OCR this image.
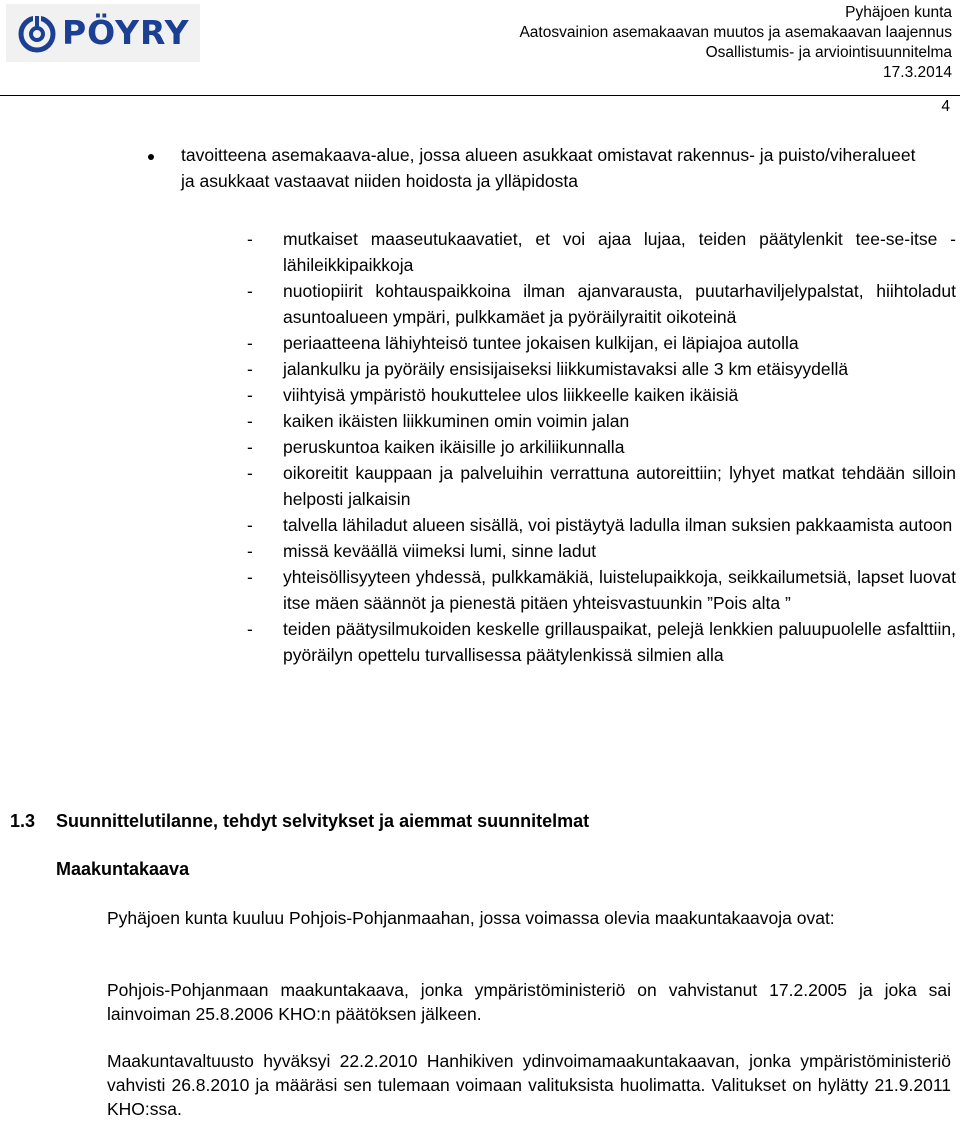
PÖYRY
Pyhäjoen kunta
Aatosvainion asemakaavan muutos ja asemakaavan laajennus
Osallistumis- ja arviointisuunnitelma
17.3.2014
4
tavoitteena asemakaava-alue, jossa alueen asukkaat omistavat rakennus- ja puisto/viheralueet ja asukkaat vastaavat niiden hoidosta ja ylläpidosta
- mutkaiset maaseutukaavatiet, et voi ajaa lujaa, teiden päätylenkit tee-se-itse -lähileikkipaikkoja
- nuotiopiirit kohtauspaikkoina ilman ajanvarausta, puutarhaviljelypalstat, hiihtoladut asuntoalueen ympäri, pulkkamäet ja pyöräilyraitit oikoteinä
- periaatteena lähiyhteisö tuntee jokaisen kulkijan, ei läpiajoa autolla
- jalankulku ja pyöräily ensisijaiseksi liikkumistavaksi alle 3 km etäisyydellä
- viihtyisä ympäristö houkuttelee ulos liikkeelle kaiken ikäisiä
- kaiken ikäisten liikkuminen omin voimin jalan
- peruskuntoa kaiken ikäisille jo arkiliikunnalla
- oikoreitit kauppaan ja palveluihin verrattuna autoreittiin; lyhyet matkat tehdään silloin helposti jalkaisin
- talvella lähiladut alueen sisällä, voi pistäytyä ladulla ilman suksien pakkaamista autoon
- missä keväällä viimeksi lumi, sinne ladut
- yhteisöllisyyteen yhdessä, pulkkamäkiä, luistelupaikkoja, seikkailumetsiä, lapset luovat itse mäen säännöt ja pienestä pitäen yhteisvastuunkin ”Pois alta ”
- teiden päätysilmukoiden keskelle grillauspaikat, pelejä lenkkien paluupuolelle asfalttiin, pyöräilyn opettelu turvallisessa päätylenkissä silmien alla
1.3 Suunnittelutilanne, tehdyt selvitykset ja aiemmat suunnitelmat
Maakuntakaava
Pyhäjoen kunta kuuluu Pohjois-Pohjanmaahan, jossa voimassa olevia maakuntakaavoja ovat:
Pohjois-Pohjanmaan maakuntakaava, jonka ympäristöministeriö on vahvistanut 17.2.2005 ja joka sai lainvoiman 25.8.2006 KHO:n päätöksen jälkeen.
Maakuntavaltuusto hyväksyi 22.2.2010 Hanhikiven ydinvoimamaakuntakaavan, jonka ympäristöministeriö vahvisti 26.8.2010 ja määräsi sen tulemaan voimaan valituksista huolimatta. Valitukset on hylätty 21.9.2011 KHO:ssa.
